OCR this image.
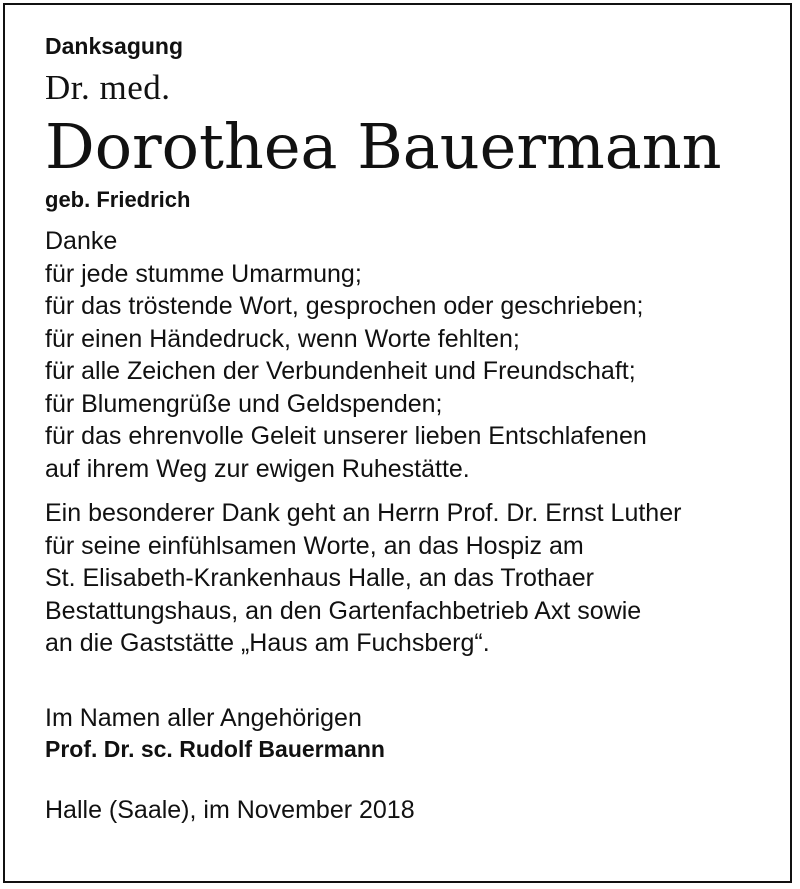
Danksagung

Dr. med.

Dorothea Bauermann

geb. Friedrich

Danke
für jede stumme Umarmung;
für das tröstende Wort, gesprochen oder geschrieben;
für einen Händedruck, wenn Worte fehlten;
für alle Zeichen der Verbundenheit und Freundschaft;
für Blumengrüße und Geldspenden;
für das ehrenvolle Geleit unserer lieben Entschlafenen
auf ihrem Weg zur ewigen Ruhestätte.
Ein besonderer Dank geht an Herrn Prof. Dr. Ernst Luther
für seine einfühlsamen Worte, an das Hospiz am
St. Elisabeth-Krankenhaus Halle, an das Trothaer
Bestattungshaus, an den Gartenfachbetrieb Axt sowie
an die Gaststätte „Haus am Fuchsberg“.
Im Namen aller Angehörigen

Prof. Dr. sc. Rudolf Bauermann

Halle (Saale), im November 2018
